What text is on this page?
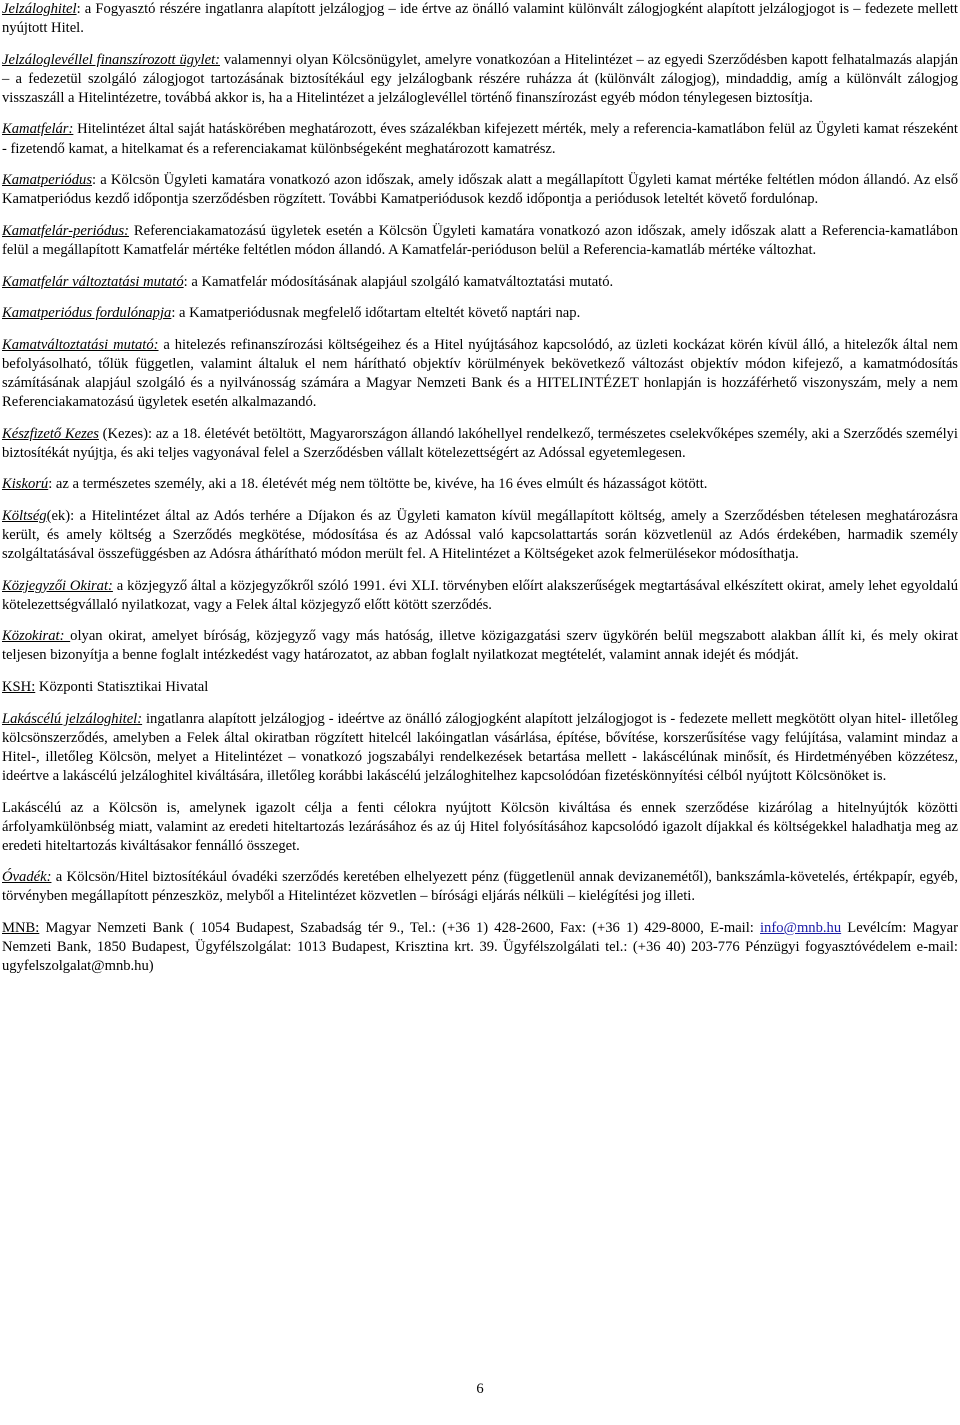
Jelzáloghitel: a Fogyasztó részére ingatlanra alapított jelzálogjog – ide értve az önálló valamint különvált zálogjogként alapított jelzálogjogot is – fedezete mellett nyújtott Hitel.

Jelzáloglevéllel finanszírozott ügylet: valamennyi olyan Kölcsönügylet, amelyre vonatkozóan a Hitelintézet – az egyedi Szerződésben kapott felhatalmazás alapján – a fedezetül szolgáló zálogjogot tartozásának biztosítékául egy jelzálogbank részére ruházza át (különvált zálogjog), mindaddig, amíg a különvált zálogjog visszaszáll a Hitelintézetre, továbbá akkor is, ha a Hitelintézet a jelzáloglevéllel történő finanszírozást egyéb módon ténylegesen biztosítja.

Kamatfelár: Hitelintézet által saját hatáskörében meghatározott, éves százalékban kifejezett mérték, mely a referencia-kamatlábon felül az Ügyleti kamat részeként - fizetendő kamat, a hitelkamat és a referenciakamat különbségeként meghatározott kamatrész.

Kamatperiódus: a Kölcsön Ügyleti kamatára vonatkozó azon időszak, amely időszak alatt a megállapított Ügyleti kamat mértéke feltétlen módon állandó. Az első Kamatperiódus kezdő időpontja szerződésben rögzített. További Kamatperiódusok kezdő időpontja a periódusok leteltét követő fordulónap.

Kamatfelár-periódus: Referenciakamatozású ügyletek esetén a Kölcsön Ügyleti kamatára vonatkozó azon időszak, amely időszak alatt a Referencia-kamatlábon felül a megállapított Kamatfelár mértéke feltétlen módon állandó. A Kamatfelár-perióduson belül a Referencia-kamatláb mértéke változhat.

Kamatfelár változtatási mutató: a Kamatfelár módosításának alapjául szolgáló kamatváltoztatási mutató.

Kamatperiódus fordulónapja: a Kamatperiódusnak megfelelő időtartam elteltét követő naptári nap.

Kamatváltoztatási mutató: a hitelezés refinanszírozási költségeihez és a Hitel nyújtásához kapcsolódó, az üzleti kockázat körén kívül álló, a hitelezők által nem befolyásolható, tőlük független, valamint általuk el nem hárítható objektív körülmények bekövetkező változást objektív módon kifejező, a kamatmódosítás számításának alapjául szolgáló és a nyilvánosság számára a Magyar Nemzeti Bank és a HITELINTÉZET honlapján is hozzáférhető viszonyszám, mely a nem Referenciakamatozású ügyletek esetén alkalmazandó.

Készfizető Kezes (Kezes): az a 18. életévét betöltött, Magyarországon állandó lakóhellyel rendelkező, természetes cselekvőképes személy, aki a Szerződés személyi biztosítékát nyújtja, és aki teljes vagyonával felel a Szerződésben vállalt kötelezettségért az Adóssal egyetemlegesen.

Kiskorú: az a természetes személy, aki a 18. életévét még nem töltötte be, kivéve, ha 16 éves elmúlt és házasságot kötött.

Költség(ek): a Hitelintézet által az Adós terhére a Díjakon és az Ügyleti kamaton kívül megállapított költség, amely a Szerződésben tételesen meghatározásra került, és amely költség a Szerződés megkötése, módosítása és az Adóssal való kapcsolattartás során közvetlenül az Adós érdekében, harmadik személy szolgáltatásával összefüggésben az Adósra áthárítható módon merült fel. A Hitelintézet a Költségeket azok felmerülésekor módosíthatja.

Közjegyzői Okirat: a közjegyző által a közjegyzőkről szóló 1991. évi XLI. törvényben előírt alakszerűségek megtartásával elkészített okirat, amely lehet egyoldalú kötelezettségvállaló nyilatkozat, vagy a Felek által közjegyző előtt kötött szerződés.

Közokirat: olyan okirat, amelyet bíróság, közjegyző vagy más hatóság, illetve közigazgatási szerv ügykörén belül megszabott alakban állít ki, és mely okirat teljesen bizonyítja a benne foglalt intézkedést vagy határozatot, az abban foglalt nyilatkozat megtételét, valamint annak idejét és módját.

KSH: Központi Statisztikai Hivatal

Lakáscélú jelzáloghitel: ingatlanra alapított jelzálogjog - ideértve az önálló zálogjogként alapított jelzálogjogot is - fedezete mellett megkötött olyan hitel- illetőleg kölcsönszerződés, amelyben a Felek által okiratban rögzített hitelcél lakóingatlan vásárlása, építése, bővítése, korszerűsítése vagy felújítása, valamint mindaz a Hitel-, illetőleg Kölcsön, melyet a Hitelintézet – vonatkozó jogszabályi rendelkezések betartása mellett - lakáscélúnak minősít, és Hirdetményében közzétesz, ideértve a lakáscélú jelzáloghitel kiváltására, illetőleg korábbi lakáscélú jelzáloghitelhez kapcsolódóan fizetéskönnyítési célból nyújtott Kölcsönöket is.

Lakáscélú az a Kölcsön is, amelynek igazolt célja a fenti célokra nyújtott Kölcsön kiváltása és ennek szerződése kizárólag a hitelnyújtók közötti árfolyamkülönbség miatt, valamint az eredeti hiteltartozás lezárásához és az új Hitel folyósításához kapcsolódó igazolt díjakkal és költségekkel haladhatja meg az eredeti hiteltartozás kiváltásakor fennálló összeget.

Óvadék: a Kölcsön/Hitel biztosítékául óvadéki szerződés keretében elhelyezett pénz (függetlenül annak devizanemétől), bankszámla-követelés, értékpapír, egyéb, törvényben megállapított pénzeszköz, melyből a Hitelintézet közvetlen – bírósági eljárás nélküli – kielégítési jog illeti.

MNB: Magyar Nemzeti Bank ( 1054 Budapest, Szabadság tér 9., Tel.: (+36 1) 428-2600, Fax: (+36 1) 429-8000, E-mail: info@mnb.hu Levélcím: Magyar Nemzeti Bank, 1850 Budapest, Ügyfélszolgálat: 1013 Budapest, Krisztina krt. 39. Ügyfélszolgálati tel.: (+36 40) 203-776 Pénzügyi fogyasztóvédelem e-mail: ugyfelszolgalat@mnb.hu)

6
